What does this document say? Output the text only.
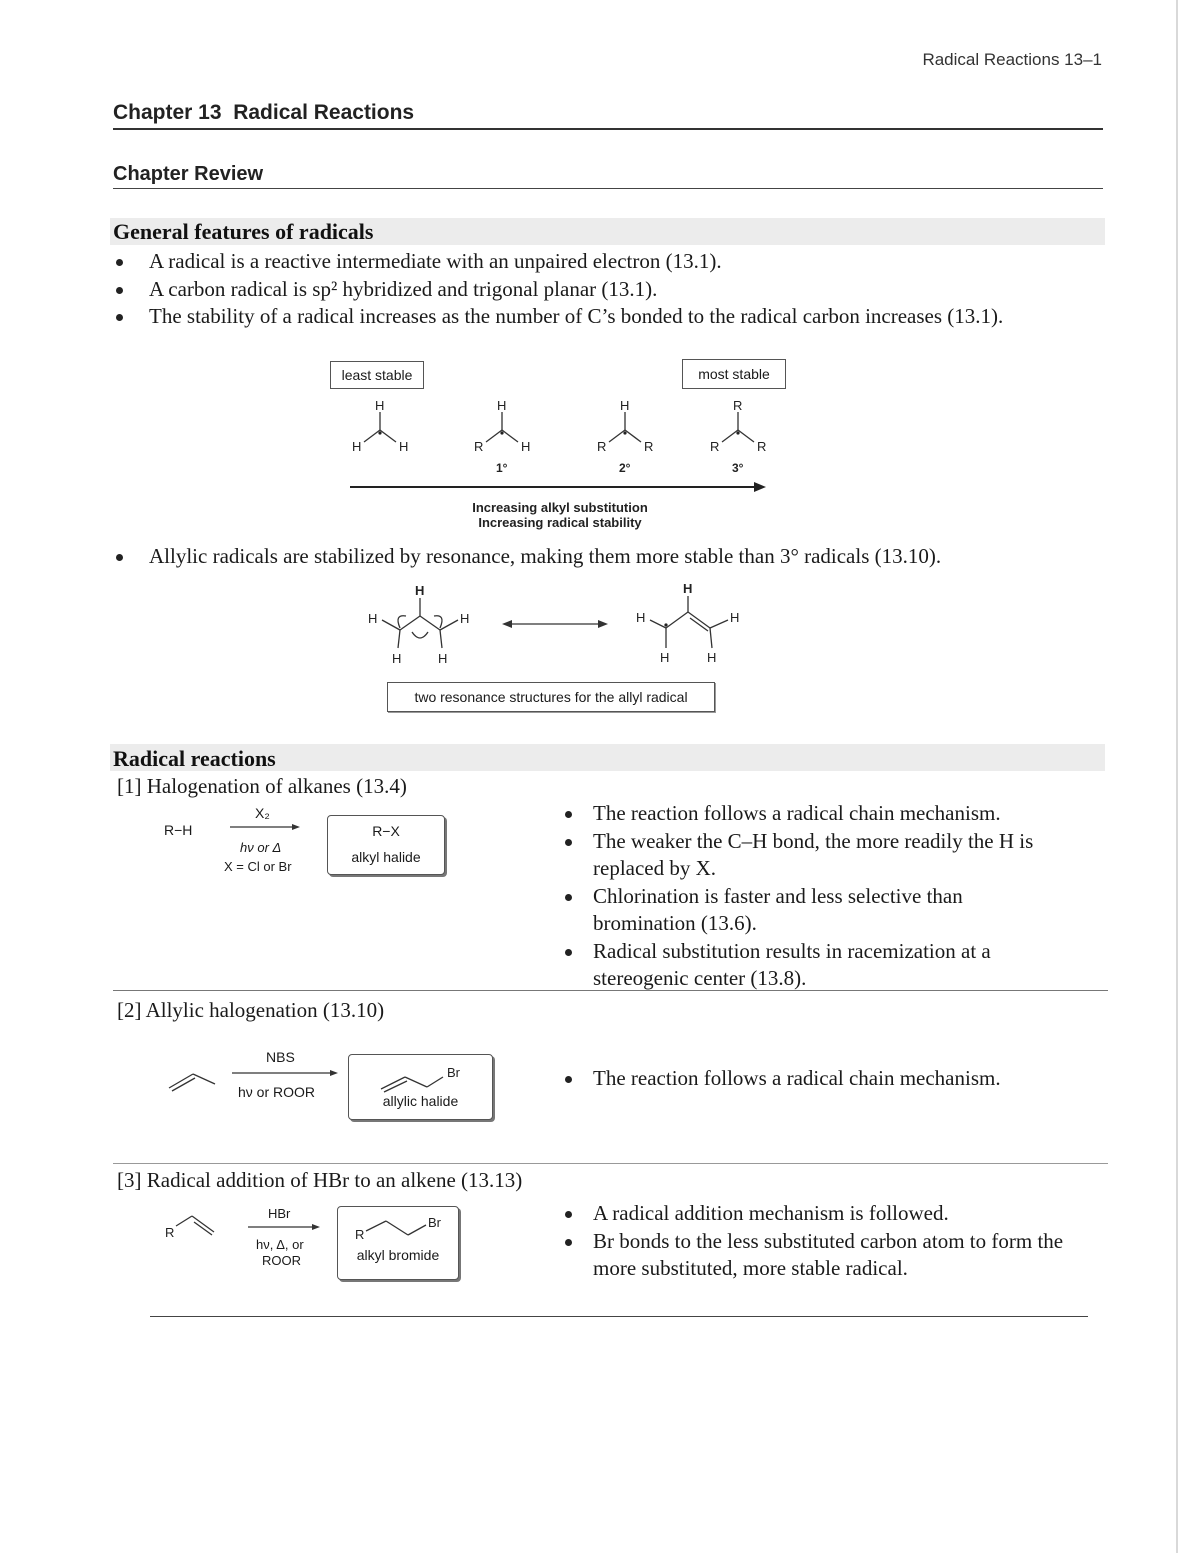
Radical Reactions 13–1
Chapter 13  Radical Reactions
Chapter Review
General features of radicals
A radical is a reactive intermediate with an unpaired electron (13.1).
A carbon radical is sp² hybridized and trigonal planar (13.1).
The stability of a radical increases as the number of C’s bonded to the radical carbon increases (13.1).
least stable	most stable
H
H	H
H
R	H
H
R	R
R
R	R
1°	2°	3°
Increasing alkyl substitution
Increasing radical stability
Allylic radicals are stabilized by resonance, making them more stable than 3° radicals (13.10).
H
H
H
H	H
H
H
H
H	H
two resonance structures for the allyl radical
Radical reactions
[1] Halogenation of alkanes (13.4)
R−H
X₂
hν or Δ
X = Cl or Br
R−X
alkyl halide
The reaction follows a radical chain mechanism.
The weaker the C–H bond, the more readily the H is replaced by X.
Chlorination is faster and less selective than bromination (13.6).
Radical substitution results in racemization at a stereogenic center (13.8).
[2] Allylic halogenation (13.10)
NBS
hν or ROOR
Br
allylic halide
The reaction follows a radical chain mechanism.
[3] Radical addition of HBr to an alkene (13.13)
R
HBr
hν, Δ, or
ROOR
R
Br
alkyl bromide
A radical addition mechanism is followed.
Br bonds to the less substituted carbon atom to form the more substituted, more stable radical.
